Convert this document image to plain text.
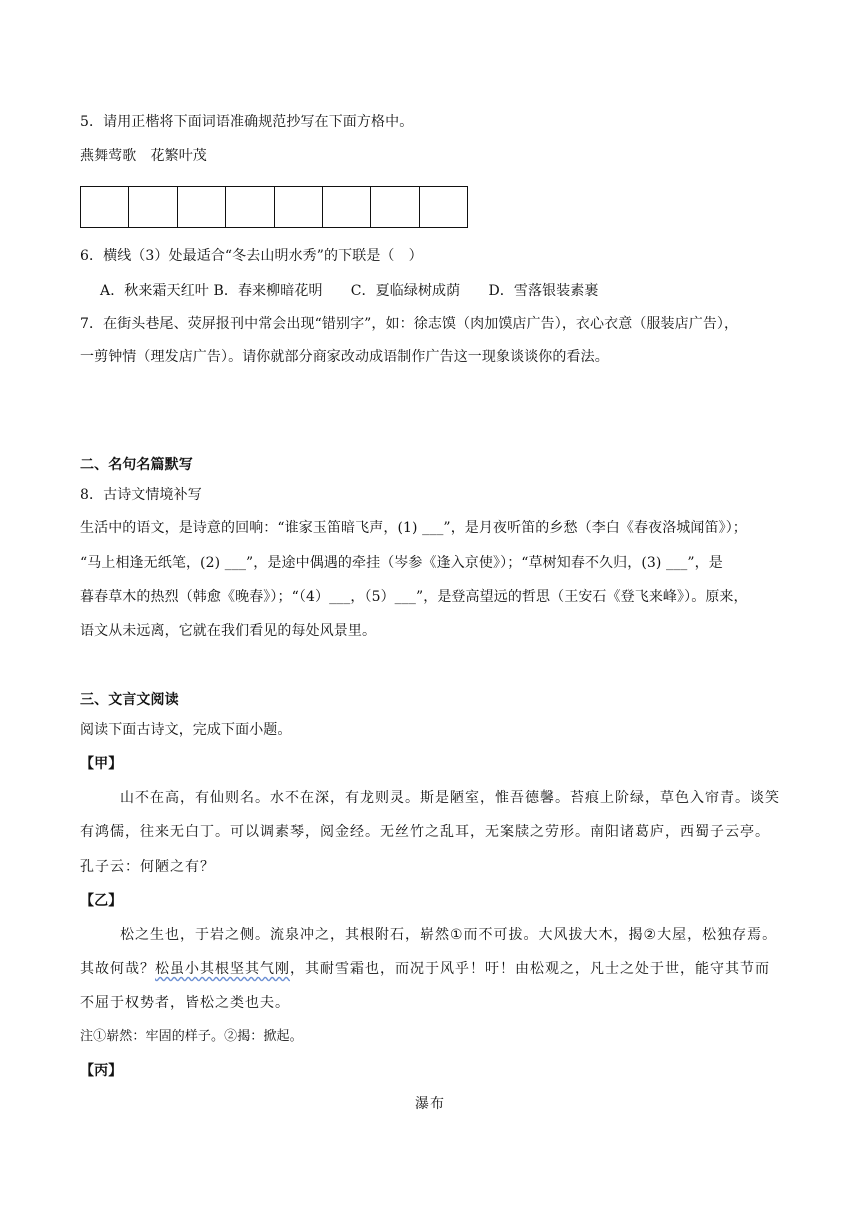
5．请用正楷将下面词语准确规范抄写在下面方格中。
燕舞莺歌　花繁叶茂
6．横线（3）处最适合“冬去山明水秀”的下联是（　）
A．秋来霜天红叶 B．春来柳暗花明　　C．夏临绿树成荫　　D．雪落银装素裹
7．在街头巷尾、荧屏报刊中常会出现“错别字”，如：徐志馍（肉加馍店广告），衣心衣意（服装店广告），
一剪钟情（理发店广告）。请你就部分商家改动成语制作广告这一现象谈谈你的看法。
二、名句名篇默写
8．古诗文情境补写
生活中的语文，是诗意的回响：“谁家玉笛暗飞声，(1) ___”，是月夜听笛的乡愁（李白《春夜洛城闻笛》）；
“马上相逢无纸笔，(2) ___”，是途中偶遇的牵挂（岑参《逢入京使》）；“草树知春不久归，(3) ___”，是
暮春草木的热烈（韩愈《晚春》）；“（4）___，（5）___”，是登高望远的哲思（王安石《登飞来峰》）。原来，
语文从未远离，它就在我们看见的每处风景里。
三、文言文阅读
阅读下面古诗文，完成下面小题。
【甲】
山不在高，有仙则名。水不在深，有龙则灵。斯是陋室，惟吾德馨。苔痕上阶绿，草色入帘青。谈笑
有鸿儒，往来无白丁。可以调素琴，阅金经。无丝竹之乱耳，无案牍之劳形。南阳诸葛庐，西蜀子云亭。
孔子云：何陋之有？
【乙】
松之生也，于岩之侧。流泉冲之，其根附石，崭然①而不可拔。大风拔大木，揭②大屋，松独存焉。
其故何哉？松虽小其根坚其气刚，其耐雪霜也，而况于风乎！吁！由松观之，凡士之处于世，能守其节而
不屈于权势者，皆松之类也夫。
注①崭然：牢固的样子。②揭：掀起。
【丙】
瀑布
